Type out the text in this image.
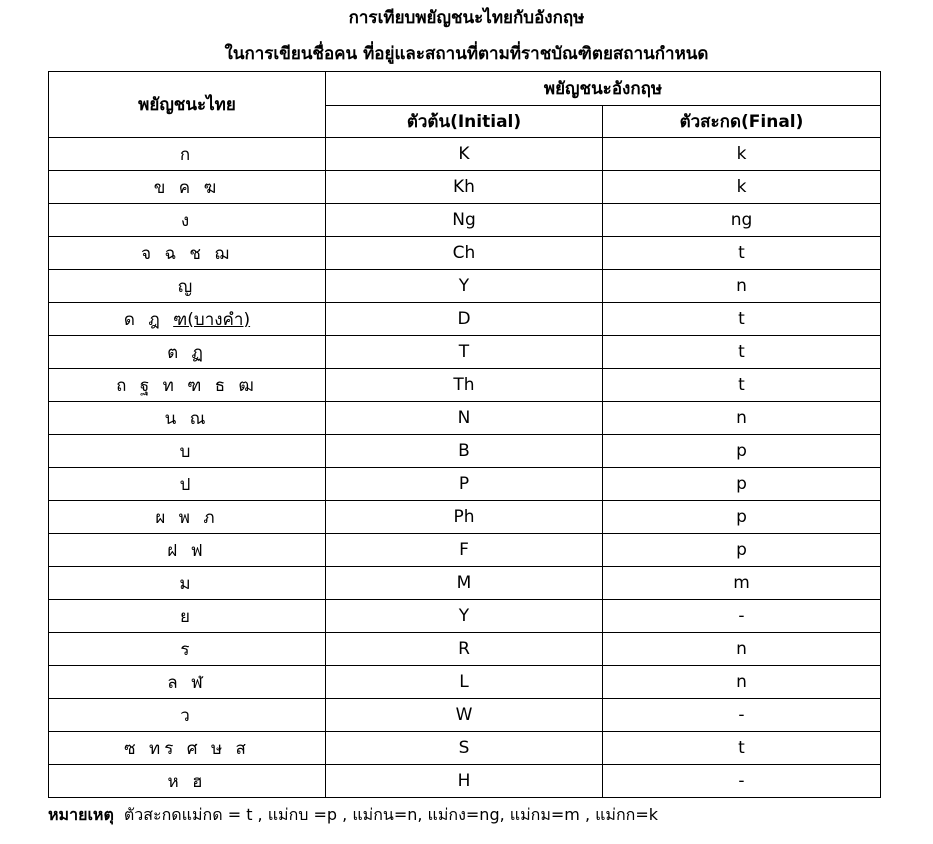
การเทียบพยัญชนะไทยกับอังกฤษ
ในการเขียนชื่อคน ที่อยู่และสถานที่ตามที่ราชบัณฑิตยสถานกำหนด
พยัญชนะไทย	พยัญชนะอังกฤษ	
	ตัวต้น(Initial)	ตัวสะกด(Final)
ก	K	k
ข ค ฆ	Kh	k
ง	Ng	ng
จ ฉ ช ฌ	Ch	t
ญ	Y	n
ด ฎ ฑ(บางคำ)	D	t
ต ฏ	T	t
ถ ฐ ท ฑ ธ ฒ	Th	t
น ณ	N	n
บ	B	p
ป	P	p
ผ พ ภ	Ph	p
ฝ ฟ	F	p
ม	M	m
ย	Y	-
ร	R	n
ล ฬ	L	n
ว	W	-
ซ ทร ศ ษ ส	S	t
ห ฮ	H	-
หมายเหตุ ตัวสะกดแม่กด = t , แม่กบ =p , แม่กน=n, แม่กง=ng, แม่กม=m , แม่กก=k
